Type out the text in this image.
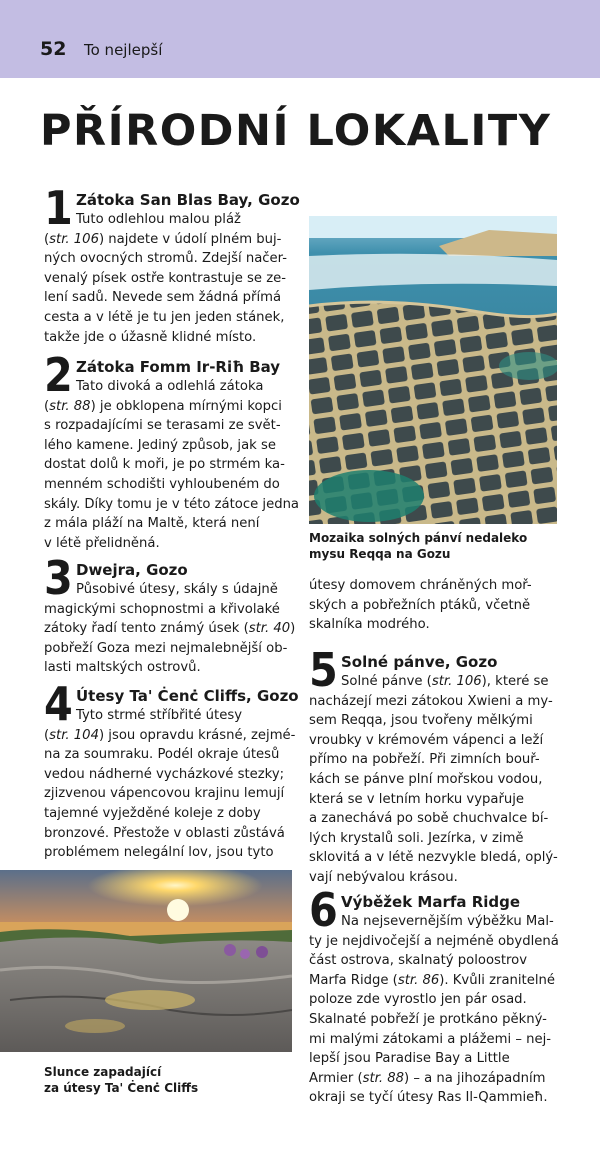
52 To nejlepší
PŘÍRODNÍ LOKALITY
1 Zátoka San Blas Bay, Gozo
Tuto odlehlou malou pláž
(str. 106) najdete v údolí plném buj-
ných ovocných stromů. Zdejší načer-
venalý písek ostře kontrastuje se ze-
lení sadů. Nevede sem žádná přímá
cesta a v létě je tu jen jeden stánek,
takže jde o úžasně klidné místo.
2 Zátoka Fomm Ir-Riħ Bay
Tato divoká a odlehlá zátoka
(str. 88) je obklopena mírnými kopci
s rozpadajícími se terasami ze svět-
lého kamene. Jediný způsob, jak se
dostat dolů k moři, je po strmém ka-
menném schodišti vyhloubeném do
skály. Díky tomu je v této zátoce jedna
z mála pláží na Maltě, která není
v létě přelidněná.
3 Dwejra, Gozo
Působivé útesy, skály s údajně
magickými schopnostmi a křivolaké
zátoky řadí tento známý úsek (str. 40)
pobřeží Goza mezi nejmalebnější ob-
lasti maltských ostrovů.
4 Útesy Ta' Ċenċ Cliffs, Gozo
Tyto strmé stříbřité útesy
(str. 104) jsou opravdu krásné, zejmé-
na za soumraku. Podél okraje útesů
vedou nádherné vycházkové stezky;
zjizvenou vápencovou krajinu lemují
tajemné vyježděné koleje z doby
bronzové. Přestože v oblasti zůstává
problémem nelegální lov, jsou tyto
Slunce zapadající
za útesy Ta' Ċenċ Cliffs
Mozaika solných pánví nedaleko
mysu Reqqa na Gozu
útesy domovem chráněných moř-
ských a pobřežních ptáků, včetně
skalníka modrého.
5 Solné pánve, Gozo
Solné pánve (str. 106), které se
nacházejí mezi zátokou Xwieni a my-
sem Reqqa, jsou tvořeny mělkými
vroubky v krémovém vápenci a leží
přímo na pobřeží. Při zimních bouř-
kách se pánve plní mořskou vodou,
která se v letním horku vypařuje
a zanechává po sobě chuchvalce bí-
lých krystalů soli. Jezírka, v zimě
sklovitá a v létě nezvykle bledá, oplý-
vají nebývalou krásou.
6 Výběžek Marfa Ridge
Na nejsevernějším výběžku Mal-
ty je nejdivočejší a nejméně obydlená
část ostrova, skalnatý poloostrov
Marfa Ridge (str. 86). Kvůli zranitelné
poloze zde vyrostlo jen pár osad.
Skalnaté pobřeží je protkáno pěkný-
mi malými zátokami a plážemi – nej-
lepší jsou Paradise Bay a Little
Armier (str. 88) – a na jihozápadním
okraji se tyčí útesy Ras Il-Qammieħ.
